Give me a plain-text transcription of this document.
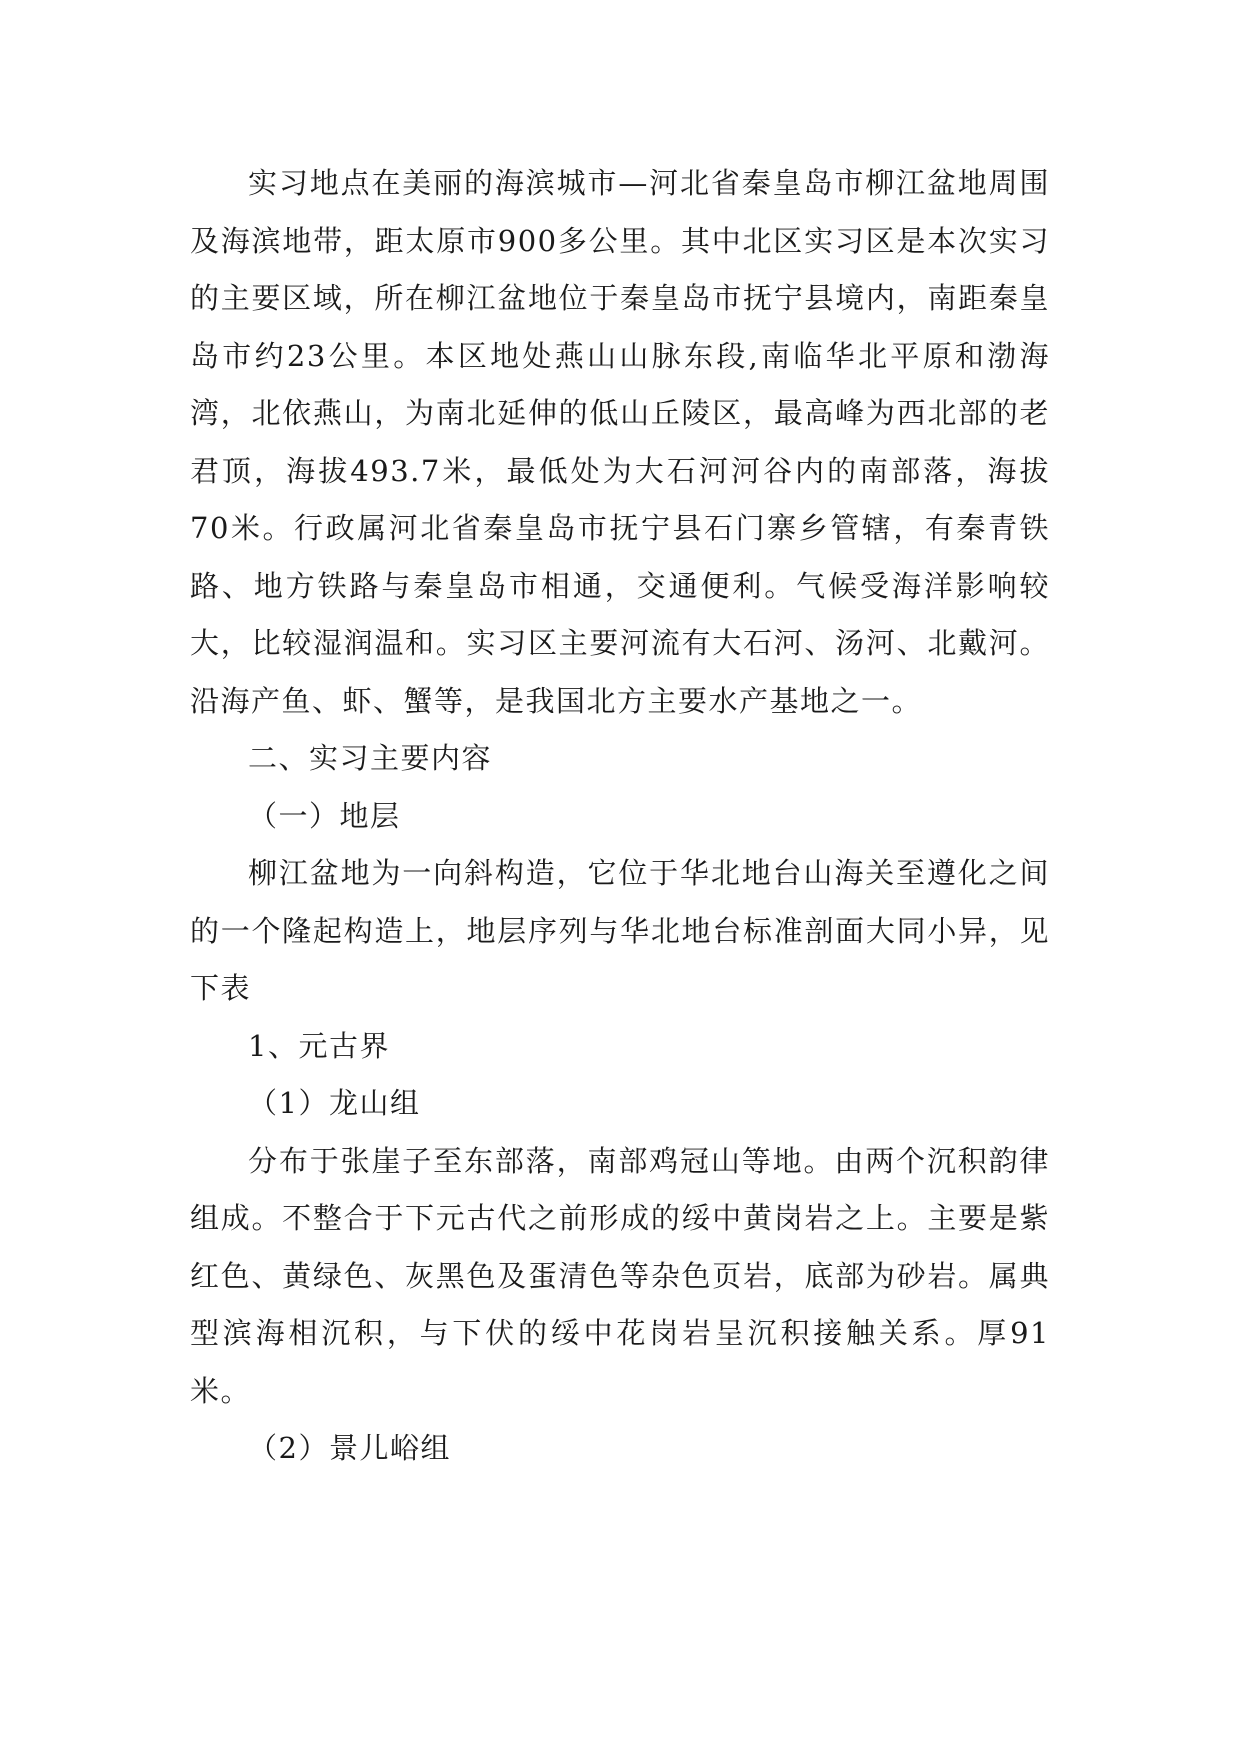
实习地点在美丽的海滨城市—河北省秦皇岛市柳江盆地周围及海滨地带，距太原市900多公里。其中北区实习区是本次实习的主要区域，所在柳江盆地位于秦皇岛市抚宁县境内，南距秦皇岛市约23公里。本区地处燕山山脉东段,南临华北平原和渤海湾，北依燕山，为南北延伸的低山丘陵区，最高峰为西北部的老君顶，海拔493.7米，最低处为大石河河谷内的南部落，海拔70米。行政属河北省秦皇岛市抚宁县石门寨乡管辖，有秦青铁路、地方铁路与秦皇岛市相通，交通便利。气候受海洋影响较大，比较湿润温和。实习区主要河流有大石河、汤河、北戴河。沿海产鱼、虾、蟹等，是我国北方主要水产基地之一。

二、实习主要内容

（一）地层

柳江盆地为一向斜构造，它位于华北地台山海关至遵化之间的一个隆起构造上，地层序列与华北地台标准剖面大同小异，见下表

1、元古界

（1）龙山组

分布于张崖子至东部落，南部鸡冠山等地。由两个沉积韵律组成。不整合于下元古代之前形成的绥中黄岗岩之上。主要是紫红色、黄绿色、灰黑色及蛋清色等杂色页岩，底部为砂岩。属典型滨海相沉积，与下伏的绥中花岗岩呈沉积接触关系。厚91米。

（2）景儿峪组
